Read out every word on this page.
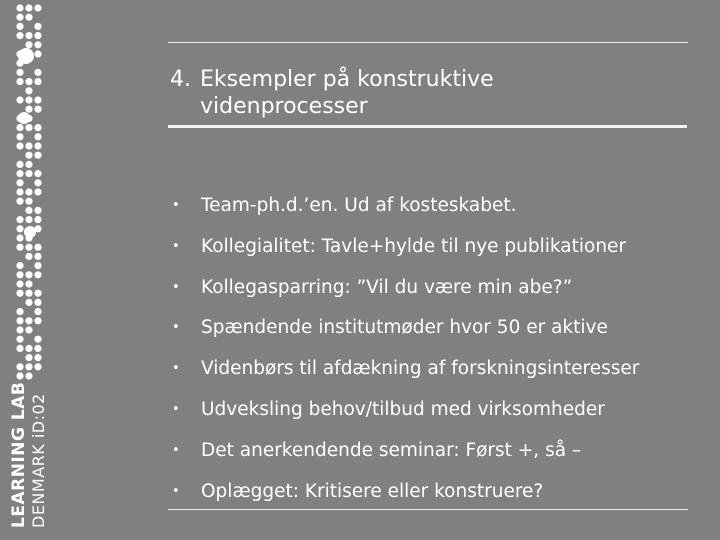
LEARNING LAB DENMARK iD:02
4. Eksempler på konstruktive
videnprocesser
• Team-ph.d.’en. Ud af kosteskabet.
• Kollegialitet: Tavle+hylde til nye publikationer
• Kollegasparring: ”Vil du være min abe?”
• Spændende institutmøder hvor 50 er aktive
• Videnbørs til afdækning af forskningsinteresser
• Udveksling behov/tilbud med virksomheder
• Det anerkendende seminar: Først +, så –
• Oplægget: Kritisere eller konstruere?
